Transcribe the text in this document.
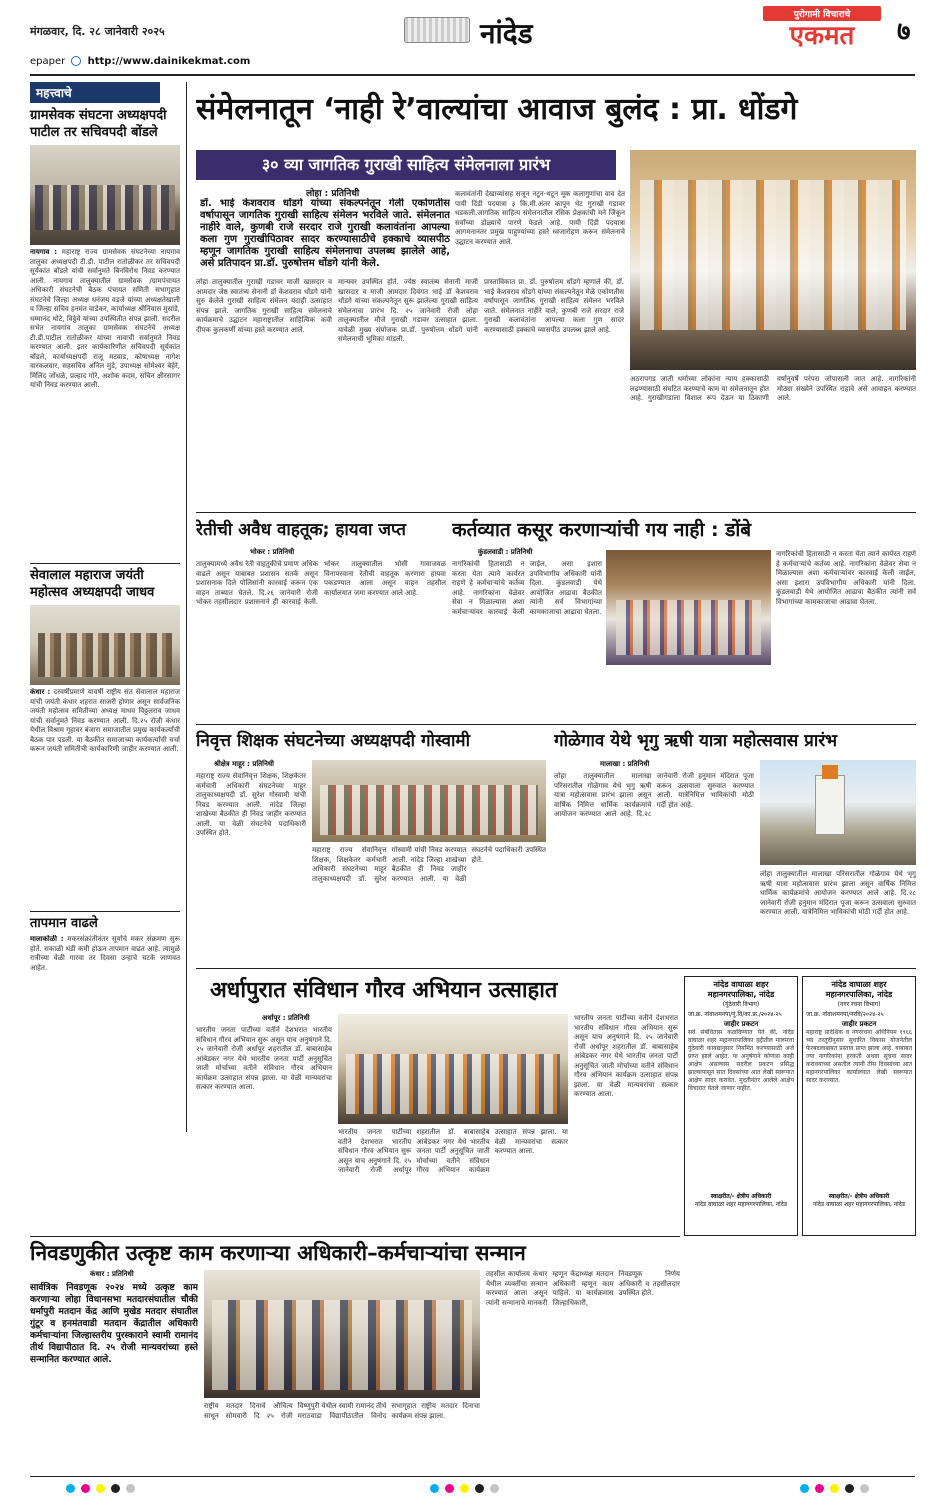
मंगळवार, दि. २८ जानेवारी २०२५	नांदेड
पुरोगामी विचाराचे
एकमत	७
epaper http://www.dainikekmat.com
महत्त्वाचे
ग्रामसेवक संघटना अध्यक्षपदी पाटील तर सचिवपदी बोंडले
नायगाव : महाराष्ट्र राज्य ग्रामसेवक संघटनेच्या नायगाव तालुका अध्यक्षपदी टी.डी. पाटील रातोळीकर तर सचिवपदी सूर्यकांत बोंडले यांची सर्वानुमते बिनविरोध निवड करण्यात आली. नायगाव तालुक्यातील ग्रामसेवक /ग्रामपंचायत अधिकारी संघटनेची बैठक पंचायत समिती सभागृहात संघटनेचे जिल्हा अध्यक्ष धनंजय वडजे यांच्या अध्यक्षतेखाली व जिल्हा सचिव हनमंत वाडेकर, कार्याध्यक्ष श्रीनिवास मुसांडे, धम्मानंद थोटे, विठ्ठेवे यांच्या उपस्थितीत संपन्न झाली. सदरील सभेत नायगांव तालुका ग्रामसेवक संघटनेचे अध्यक्ष टी.डी.पाटील रातोळीकर यांच्या नावाची सर्वानुमते निवड करण्यात आली. इतर कार्यकारिणीत सचिवपदी सूर्यकांत बोंडले, कार्याध्यक्षपदी राजू मटवाड, कोषाध्यक्ष नागेश वारकलवार, सहसचिव अनिल मुंडे, उपाध्यक्ष सोमेश्वर बेहेरे, मिलिंद जोंधळे, प्रल्हाद गोरे, अशोक कदम, सचिन क्षीरसागर यांची निवड करण्यात आली.
सेवालाल महाराज जयंती महोत्सव अध्यक्षपदी जाधव
कंधार : दरवर्षीप्रमाणे यावर्षी राष्ट्रीय संत सेवालाल महाराज यांची जयंती कंधार शहरात साजरी होणार असून सार्वजनिक जयंती महोत्सव समितीच्या अध्यक्ष माधव विठ्ठलराव जाधव यांची सर्वानुमते निवड करण्यात आली. दि.२५ रोजी कंधार येथील विश्राम गृहावर बंजारा समाजातील प्रमुख कार्यकर्त्यांची बैठक पार पडली. या बैठकीत समाजाच्या कार्यकर्त्यांची चर्चा करून जयंती समितीची कार्यकारिणी जाहीर करण्यात आली.
तापमान वाढले
मालाकोळी : मकरसंक्रांतीनंतर सूर्याचे मकर संक्रमण सुरू होते. सकाळी थंडी कमी होऊन तापमान वाढत आहे. त्यामुळे रात्रीच्या वेळी गारवा तर दिवसा उन्हाचे चटके जाणवत आहेत.
संमेलनातून ‘नाही रे’वाल्यांचा आवाज बुलंद : प्रा. धोंडगे
३० व्या जागतिक गुराखी साहित्य संमेलनाला प्रारंभ
लोहा : प्रतिनिधी
डॉ. भाई केशवराव धोंडगे यांच्या संकल्पनेतून गेली एकोणतीस वर्षापासून जागतिक गुराखी साहित्य संमेलन भरविले जाते. संमेलनात नाहीरे वाले, कुणबी राजे सरदार राजे गुराखी कलावंतांना आपल्या कला गुण गुराखीपिठावर सादर करण्यासाठीचे हक्काचे व्यासपीठ म्हणून जागतिक गुराखी साहित्य संमेलनाचा उपलब्ध झालेले आहे, असे प्रतिपादन प्रा.डॉ. पुरुषोत्तम धोंडगे यांनी केले.
कलावंतांनी देखाव्यांसह सजून नटून-थटून मूक कलागुणांचा वाव देत पायी दिंडी पदयात्रा ३ कि.मी.अंतर कापून थेट गुराखी गडावर धडकली.जागतिक साहित्य संमेलनातील रसिक प्रेक्षकांची मने जिंकून सर्वांच्या डोळ्याचे पारणे फेडले आहे. पायी दिंडी पदयात्रा आगमनानंतर प्रमुख पाहुण्यांच्या हस्ते ध्वजारोहण करून संमेलनाचे उद्घाटन करण्यात आले.
लोहा तालुक्यातील गुराखी गडावर माजी खासदार व आमदार जेष्ठ स्वातंत्र्य सेनानी डॉ केशवराव धोंडगे यांनी सुरु केलेले गुराखी साहित्य संमेलन यंदाही उत्साहात संपन्न झाले. जागतिक गुराखी साहित्य संमेलनाचे कार्यक्रमाचे उद्घाटन महाराष्ट्रातील साहित्यिक कवी दीपक कुलकर्णी यांच्या हस्ते करण्यात आले.
मान्यवर उपस्थित होते. ज्येष्ठ स्वातंत्र्य सेनानी माजी खासदार व माजी आमदार दिवंगत भाई डॉ केशवराव धोंडगे यांच्या संकल्पनेतून सुरू झालेल्या गुराखी साहित्य संमेलनाचा प्रारंभ दि. २५ जानेवारी रोजी लोहा तालुक्यातील मौजे गुराखी गडावर उत्साहात झाला. यावेळी मुख्य संयोजक प्रा.डॉ. पुरुषोत्तम धोंडगे यांनी संमेलनाची भूमिका मांडली.
प्रास्ताविकात प्रा. डॉ. पुरुषोत्तम धोंडगे म्हणाले की, डॉ. भाई केशवराव धोंडगे यांच्या संकल्पनेतून मेळे एकोणतीस वर्षापासून जागतिक गुराखी साहित्य संमेलन भरविले जाते. संमेलनात नाहीरे वाले, कुणबी राजे सरदार राजे गुराखी कलावंतांना आपल्या कला गुण सादर करण्यासाठी हक्काचे व्यासपीठ उपलब्ध झाले आहे.
अठरापगड जाती धर्माच्या लोकांना न्याय हक्कासाठी लढण्यासाठी संघटित करण्याचे काम या संमेलनातून होत आहे. गुराखीगडाला विशाल रूप देऊन या ठिकाणी वर्षानुवर्षे परंपरा जोपासली जात आहे. नागरिकांनी मोठ्या संख्येने उपस्थित राहावे असे आवाहन करण्यात आले.
रेतीची अवैध वाहतूक; हायवा जप्त
भोकर : प्रतिनिधी
तालुक्यामध्ये अवैध रेती वाहतुकीचे प्रमाण अधिक वाढले असून याबाबत प्रशासन सतर्क असून प्रशासनाक दिले पोलिसांनी कारवाई करून एक वाहन ताब्यात घेतले. दि.२६ जानेवारी रोजी भोकर तहसीलदार प्रशासनाने ही कारवाई केली. भोकर तालुक्यातील भोसी गावाजवळ विनापरवाना रेतीची वाहतूक करणारा हायवा पकडण्यात आला असून वाहन तहसील कार्यालयात जमा करण्यात आले आहे.
कर्तव्यात कसूर करणाऱ्यांची गय नाही : डोंबे
कुंडलवाडी : प्रतिनिधी
नागरिकांची हितासाठी न करता येता त्याने कार्यरत राहणे हे कर्मचाऱ्यांचे कर्तव्य आहे. नागरिकांना वेळेवर सेवा न मिळाल्यास अशा कर्मचाऱ्यांवर कारवाई केली जाईल, असा इशारा उपविभागीय अधिकारी यांनी दिला. कुंडलवाडी येथे आयोजित आढावा बैठकीत त्यांनी सर्व विभागांच्या कामकाजाचा आढावा घेतला.
नागरिकांची हितासाठी न करता येता त्याने कार्यरत राहणे हे कर्मचाऱ्यांचे कर्तव्य आहे. नागरिकांना वेळेवर सेवा न मिळाल्यास अशा कर्मचाऱ्यांवर कारवाई केली जाईल, असा इशारा उपविभागीय अधिकारी यांनी दिला. कुंडलवाडी येथे आयोजित आढावा बैठकीत त्यांनी सर्व विभागांच्या कामकाजाचा आढावा घेतला.
निवृत्त शिक्षक संघटनेच्या अध्यक्षपदी गोस्वामी
श्रीक्षेत्र माहूर : प्रतिनिधी
महाराष्ट्र राज्य सेवानिवृत्त शिक्षक, शिक्षकेतर कर्मचारी अधिकारी संघटनेच्या माहूर तालुकाध्यक्षपदी डॉ. सुरेश गोस्वामी यांची निवड करण्यात आली. नांदेड जिल्हा शाखेच्या बैठकीत ही निवड जाहीर करण्यात आली. या वेळी संघटनेचे पदाधिकारी उपस्थित होते.
महाराष्ट्र राज्य सेवानिवृत्त शिक्षक, शिक्षकेतर कर्मचारी अधिकारी संघटनेच्या माहूर तालुकाध्यक्षपदी डॉ. सुरेश गोस्वामी यांची निवड करण्यात आली. नांदेड जिल्हा शाखेच्या बैठकीत ही निवड जाहीर करण्यात आली. या वेळी संघटनेचे पदाधिकारी उपस्थित होते.
गोळेगाव येथे भृगु ऋषी यात्रा महोत्सवास प्रारंभ
मालाखा : प्रतिनिधी
लोहा तालुक्यातील मालाखा परिसरातील गोळेगाव येथे भृगु ऋषी यात्रा महोत्सवास प्रारंभ झाला असून वार्षिक निमित्त धार्मिक कार्यक्रमांचे आयोजन करण्यात आले आहे. दि.२८ जानेवारी रोजी हनुमान मंदिरात पूजा करून उत्सवाला सुरुवात करण्यात आली. यात्रेनिमित्त भाविकांची मोठी गर्दी होत आहे.
लोहा तालुक्यातील मालाखा परिसरातील गोळेगाव येथे भृगु ऋषी यात्रा महोत्सवास प्रारंभ झाला असून वार्षिक निमित्त धार्मिक कार्यक्रमांचे आयोजन करण्यात आले आहे. दि.२८ जानेवारी रोजी हनुमान मंदिरात पूजा करून उत्सवाला सुरुवात करण्यात आली. यात्रेनिमित्त भाविकांची मोठी गर्दी होत आहे.
अर्धापुरात संविधान गौरव अभियान उत्साहात
अर्धापूर : प्रतिनिधी
भारतीय जनता पार्टीच्या वतीने देशभरात भारतीय संविधान गौरव अभियान सुरू असून याच अनुषंगाने दि. २५ जानेवारी रोजी अर्धापूर शहरातील डॉ. बाबासाहेब आंबेडकर नगर येथे भारतीय जनता पार्टी अनुसूचित जाती मोर्चाच्या वतीने संविधान गौरव अभियान कार्यक्रम उत्साहात संपन्न झाला. या वेळी मान्यवरांचा सत्कार करण्यात आला.
भारतीय जनता पार्टीच्या वतीने देशभरात भारतीय संविधान गौरव अभियान सुरू असून याच अनुषंगाने दि. २५ जानेवारी रोजी अर्धापूर शहरातील डॉ. बाबासाहेब आंबेडकर नगर येथे भारतीय जनता पार्टी अनुसूचित जाती मोर्चाच्या वतीने संविधान गौरव अभियान कार्यक्रम उत्साहात संपन्न झाला. या वेळी मान्यवरांचा सत्कार करण्यात आला.
भारतीय जनता पार्टीच्या वतीने देशभरात भारतीय संविधान गौरव अभियान सुरू असून याच अनुषंगाने दि. २५ जानेवारी रोजी अर्धापूर शहरातील डॉ. बाबासाहेब आंबेडकर नगर येथे भारतीय जनता पार्टी अनुसूचित जाती मोर्चाच्या वतीने संविधान गौरव अभियान कार्यक्रम उत्साहात संपन्न झाला. या वेळी मान्यवरांचा सत्कार करण्यात आला.
नांदेड वाघाळा शहर महानगरपालिका, नांदेड
(गुंठेवारी विभाग)
जा.क्र. नांवाशमनपा/गुं.वि/का.फ्र./२०२४-२५
जाहीर प्रकटन
सर्व संबंधितास कळविण्यात येते की, नांदेड वाघाळा शहर महानगरपालिका हद्दीतील मालमत्ता गुंठेवारी कायद्यानुसार नियमित करण्यासाठी अर्ज प्राप्त झाले आहेत. या अनुषंगाने कोणास काही आक्षेप असल्यास सदरील प्रकटन प्रसिद्ध झाल्यापासून सात दिवसांच्या आत लेखी स्वरूपात आक्षेप सादर करावेत. मुदतीनंतर आलेले आक्षेप विचारात घेतले जाणार नाहीत.
स्वाक्षरीत/- क्षेत्रीय अधिकारी
नांदेड वाघाळा शहर महानगरपालिका, नांदेड
नांदेड वाघाळा शहर महानगरपालिका, नांदेड
(नगर रचना विभाग)
जा.क्र. नांवाशमनपा/नरवि/२०२४-२५
जाहीर प्रकटन
महाराष्ट्र प्रादेशिक व नगररचना अधिनियम १९६६ च्या तरतुदीनुसार सुधारित विकास योजनेतील फेरबदलाबाबत प्रस्ताव प्राप्त झाला आहे. याबाबत ज्या नागरिकांना हरकती अथवा सूचना सादर करावयाच्या असतील त्यांनी तीस दिवसांच्या आत महानगरपालिका कार्यालयात लेखी स्वरूपात सादर कराव्यात.
स्वाक्षरीत/- क्षेत्रीय अधिकारी
नांदेड वाघाळा शहर महानगरपालिका, नांदेड
निवडणुकीत उत्कृष्ट काम करणाऱ्या अधिकारी–कर्मचाऱ्यांचा सन्मान
कंधार : प्रतिनिधी
सार्वत्रिक निवडणूक २०२४ मध्ये उत्कृष्ट काम करणाऱ्या लोहा विधानसभा मतदारसंघातील चौकी धर्मापुरी मतदान केंद्र आणि मुखेड मतदार संघातील गुंटूर व हनमंतवाडी मतदान केंद्रातील अधिकारी कर्मचाऱ्यांना जिल्हास्तरीय पुरस्काराने स्वामी रामानंद तीर्थ विद्यापीठात दि. २५ रोजी मान्यवरांच्या हस्ते सन्मानित करण्यात आले.
राष्ट्रीय मतदार दिनाचे औचित्य साधून सोमवारी दि २५ रोजी विष्णुपुरी येथील स्वामी रामानंद तीर्थ मराठवाडा विद्यापीठातील विनोद सभागृहात राष्ट्रीय मतदार दिनाचा कार्यक्रम संपन्न झाला.
तहसील कार्यालय कंधार येथील व्यक्तींचा सन्मान करण्यात आला असून त्यांनी सन्मानाचे मानकरी म्हणून केंद्राध्यक्ष मतदान अधिकारी म्हणून काम पाहिले. या कार्यक्रमास जिल्हाधिकारी, निवडणूक निर्णय अधिकारी व तहसीलदार उपस्थित होते.
